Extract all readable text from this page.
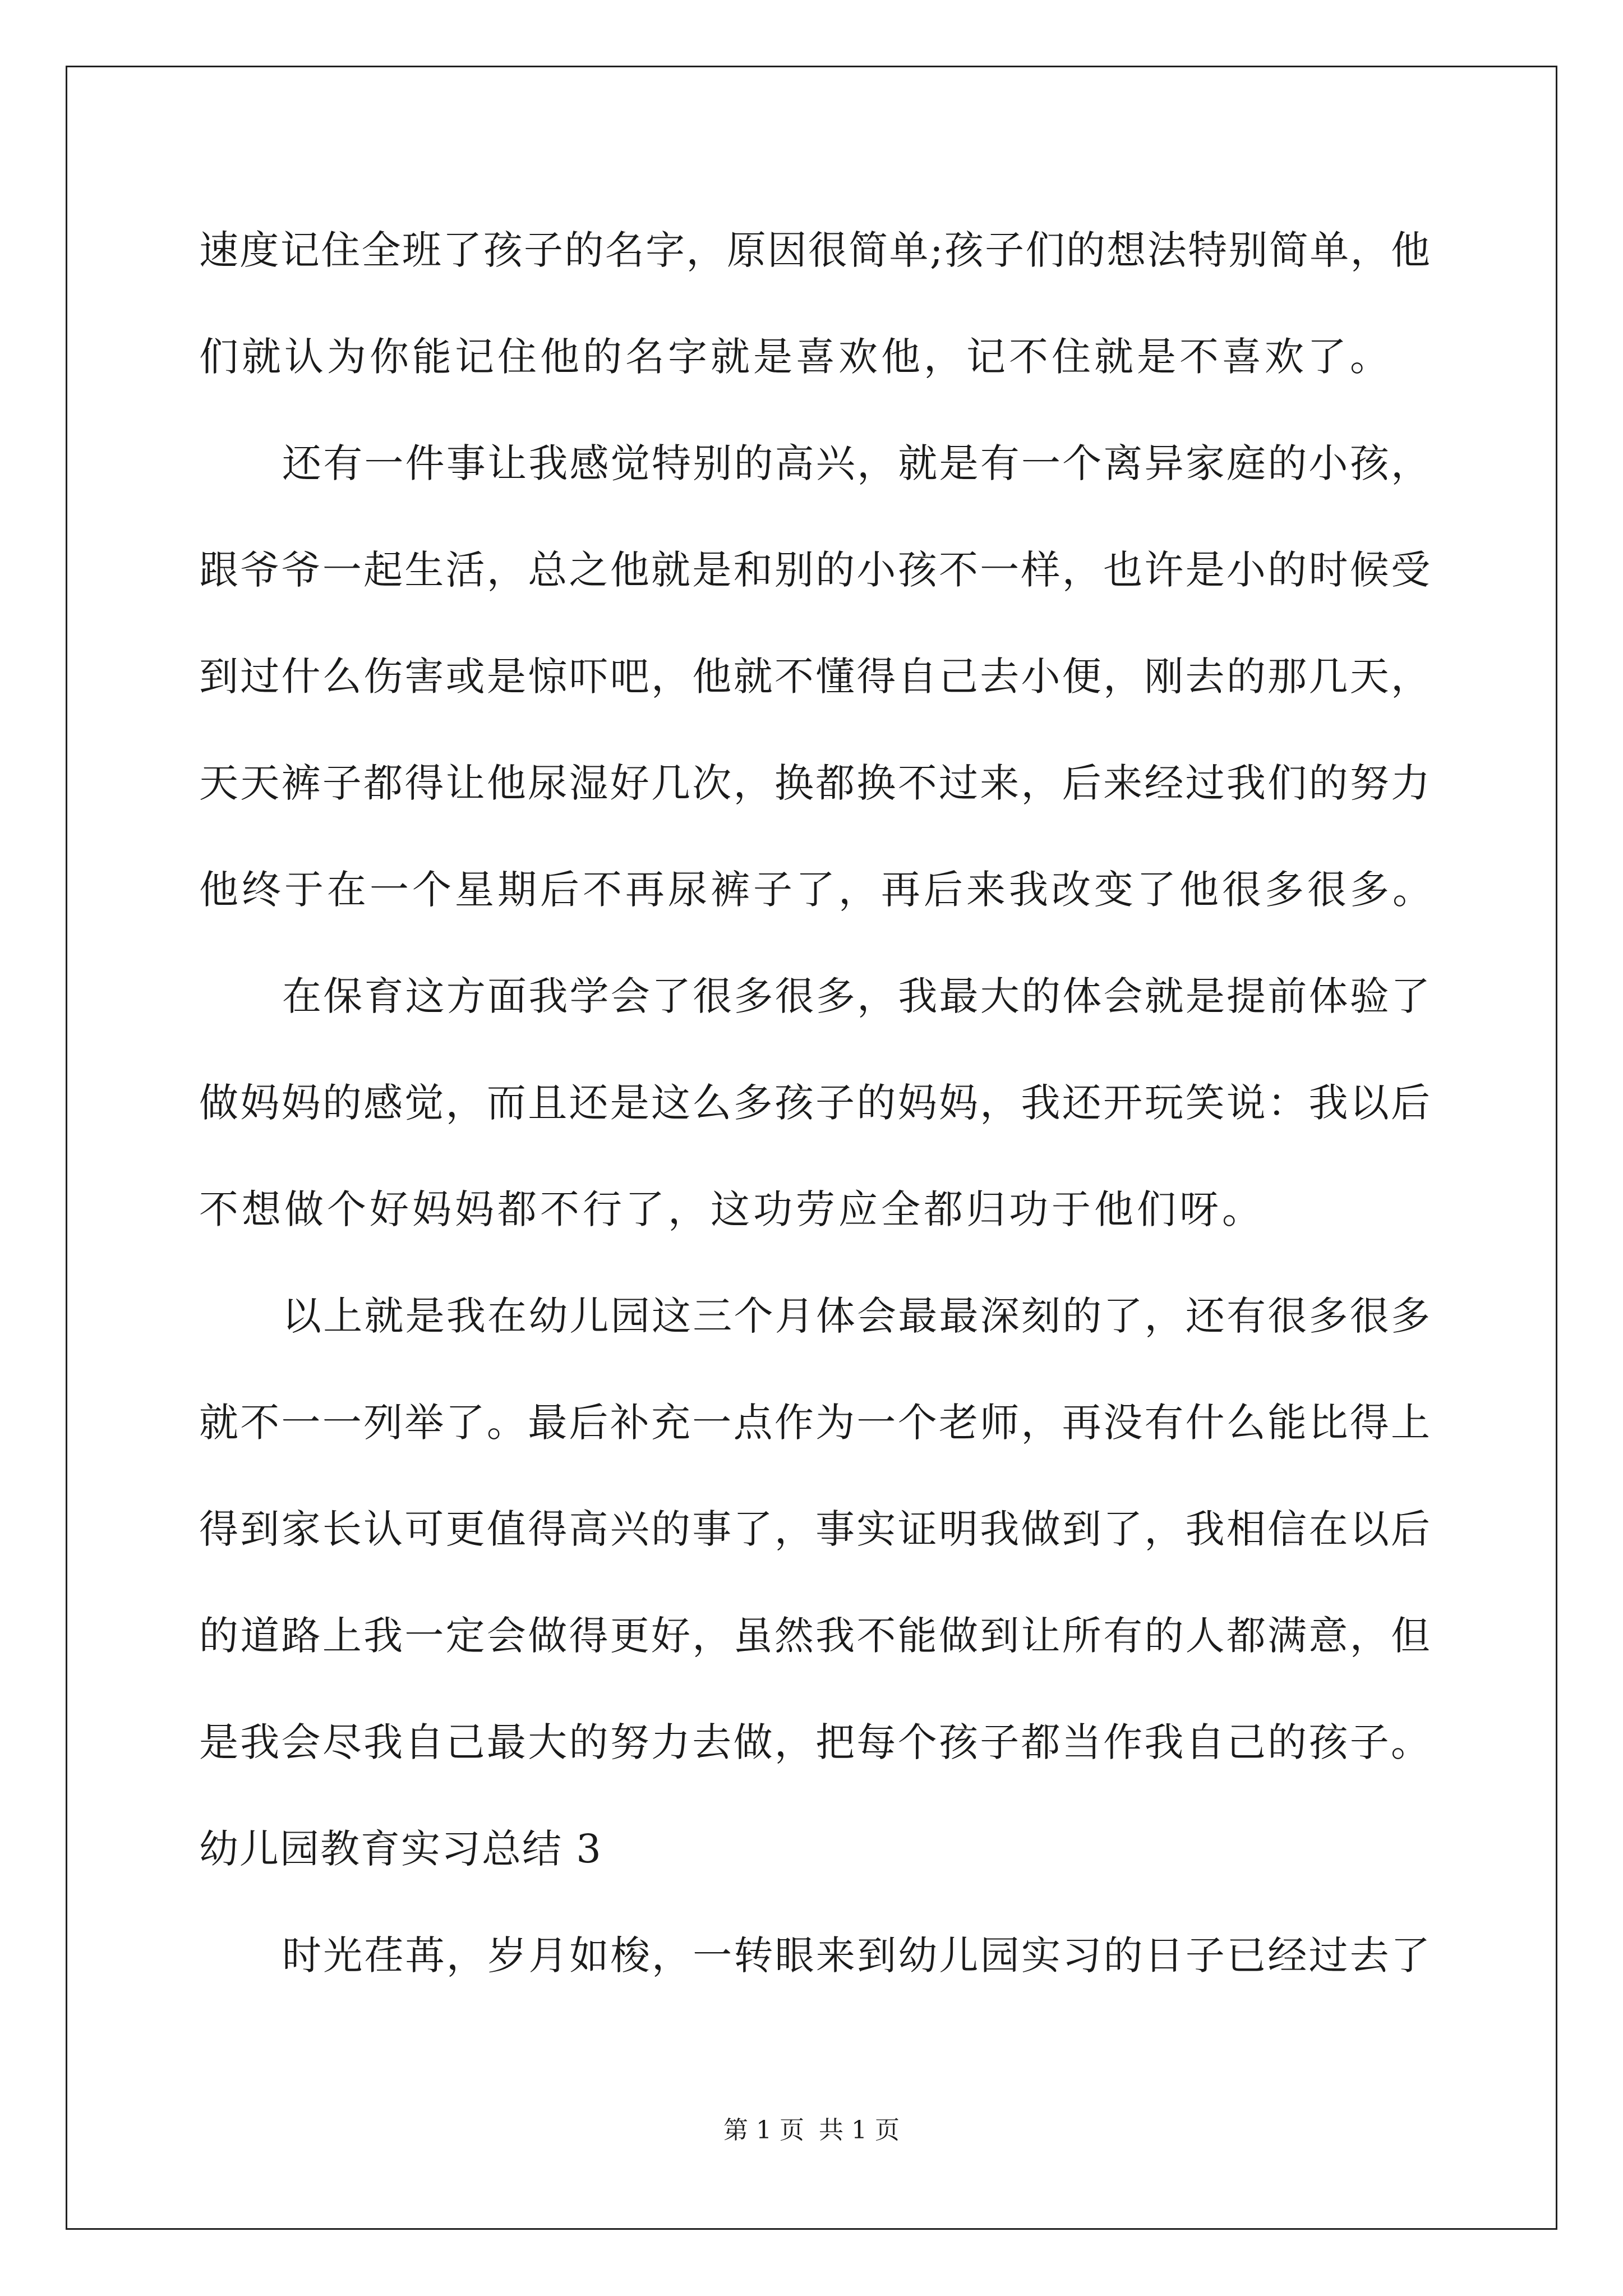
速度记住全班了孩子的名字，原因很简单;孩子们的想法特别简单，他
们就认为你能记住他的名字就是喜欢他，记不住就是不喜欢了。
还有一件事让我感觉特别的高兴，就是有一个离异家庭的小孩，
跟爷爷一起生活，总之他就是和别的小孩不一样，也许是小的时候受
到过什么伤害或是惊吓吧，他就不懂得自己去小便，刚去的那几天，
天天裤子都得让他尿湿好几次，换都换不过来，后来经过我们的努力
他终于在一个星期后不再尿裤子了，再后来我改变了他很多很多。
在保育这方面我学会了很多很多，我最大的体会就是提前体验了
做妈妈的感觉，而且还是这么多孩子的妈妈，我还开玩笑说：我以后
不想做个好妈妈都不行了，这功劳应全都归功于他们呀。
以上就是我在幼儿园这三个月体会最最深刻的了，还有很多很多
就不一一列举了。最后补充一点作为一个老师，再没有什么能比得上
得到家长认可更值得高兴的事了，事实证明我做到了，我相信在以后
的道路上我一定会做得更好，虽然我不能做到让所有的人都满意，但
是我会尽我自己最大的努力去做，把每个孩子都当作我自己的孩子。
幼儿园教育实习总结 3
时光荏苒，岁月如梭，一转眼来到幼儿园实习的日子已经过去了
第 1 页 共 1 页
